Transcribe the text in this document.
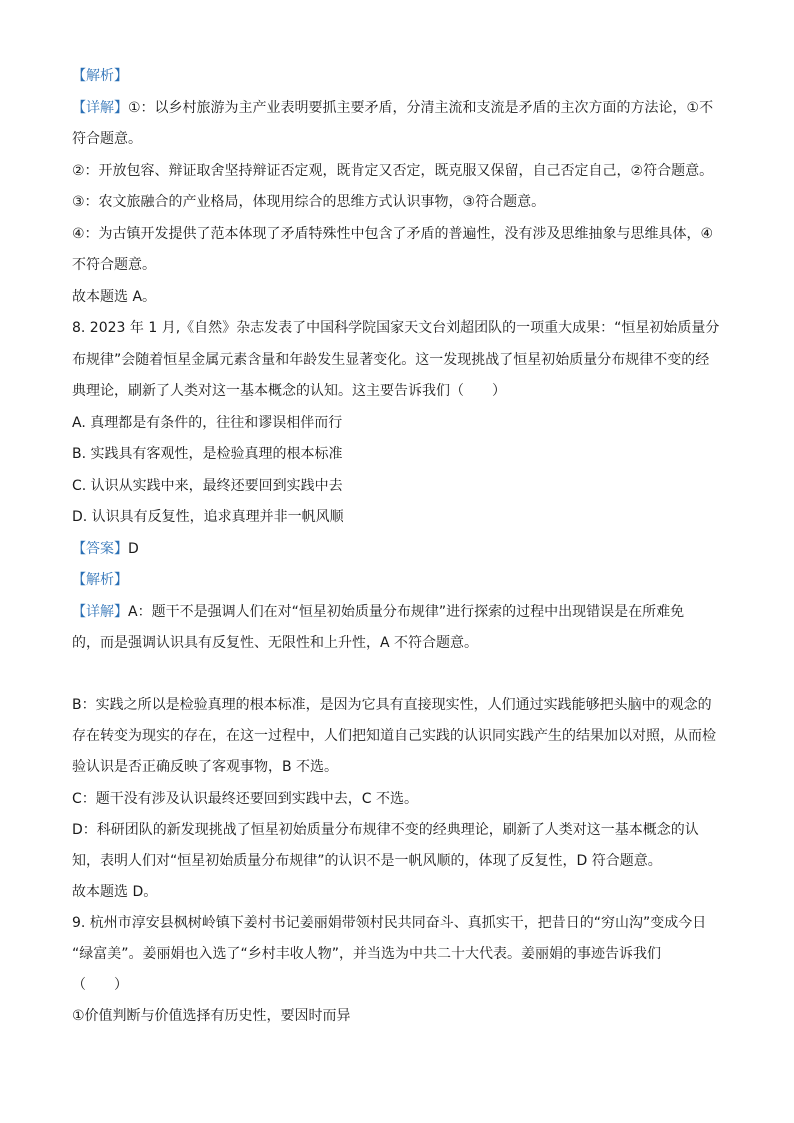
【解析】
【详解】①：以乡村旅游为主产业表明要抓主要矛盾，分清主流和支流是矛盾的主次方面的方法论，①不
符合题意。
②：开放包容、辩证取舍坚持辩证否定观，既肯定又否定，既克服又保留，自己否定自己，②符合题意。
③：农文旅融合的产业格局，体现用综合的思维方式认识事物，③符合题意。
④：为古镇开发提供了范本体现了矛盾特殊性中包含了矛盾的普遍性，没有涉及思维抽象与思维具体，④
不符合题意。
故本题选 A。
8. 2023 年 1 月,《自然》杂志发表了中国科学院国家天文台刘超团队的一项重大成果：“恒星初始质量分
布规律”会随着恒星金属元素含量和年龄发生显著变化。这一发现挑战了恒星初始质量分布规律不变的经
典理论，刷新了人类对这一基本概念的认知。这主要告诉我们（　　）
A. 真理都是有条件的，往往和谬误相伴而行
B. 实践具有客观性，是检验真理的根本标准
C. 认识从实践中来，最终还要回到实践中去
D. 认识具有反复性，追求真理并非一帆风顺
【答案】D
【解析】
【详解】A：题干不是强调人们在对“恒星初始质量分布规律”进行探索的过程中出现错误是在所难免
的，而是强调认识具有反复性、无限性和上升性，A 不符合题意。
B：实践之所以是检验真理的根本标准，是因为它具有直接现实性，人们通过实践能够把头脑中的观念的
存在转变为现实的存在，在这一过程中，人们把知道自己实践的认识同实践产生的结果加以对照，从而检
验认识是否正确反映了客观事物，B 不选。
C：题干没有涉及认识最终还要回到实践中去，C 不选。
D：科研团队的新发现挑战了恒星初始质量分布规律不变的经典理论，刷新了人类对这一基本概念的认
知，表明人们对“恒星初始质量分布规律”的认识不是一帆风顺的，体现了反复性，D 符合题意。
故本题选 D。
9. 杭州市淳安县枫树岭镇下姜村书记姜丽娟带领村民共同奋斗、真抓实干，把昔日的“穷山沟”变成今日
“绿富美”。姜丽娟也入选了“乡村丰收人物”，并当选为中共二十大代表。姜丽娟的事迹告诉我们
（　　）
①价值判断与价值选择有历史性，要因时而异
